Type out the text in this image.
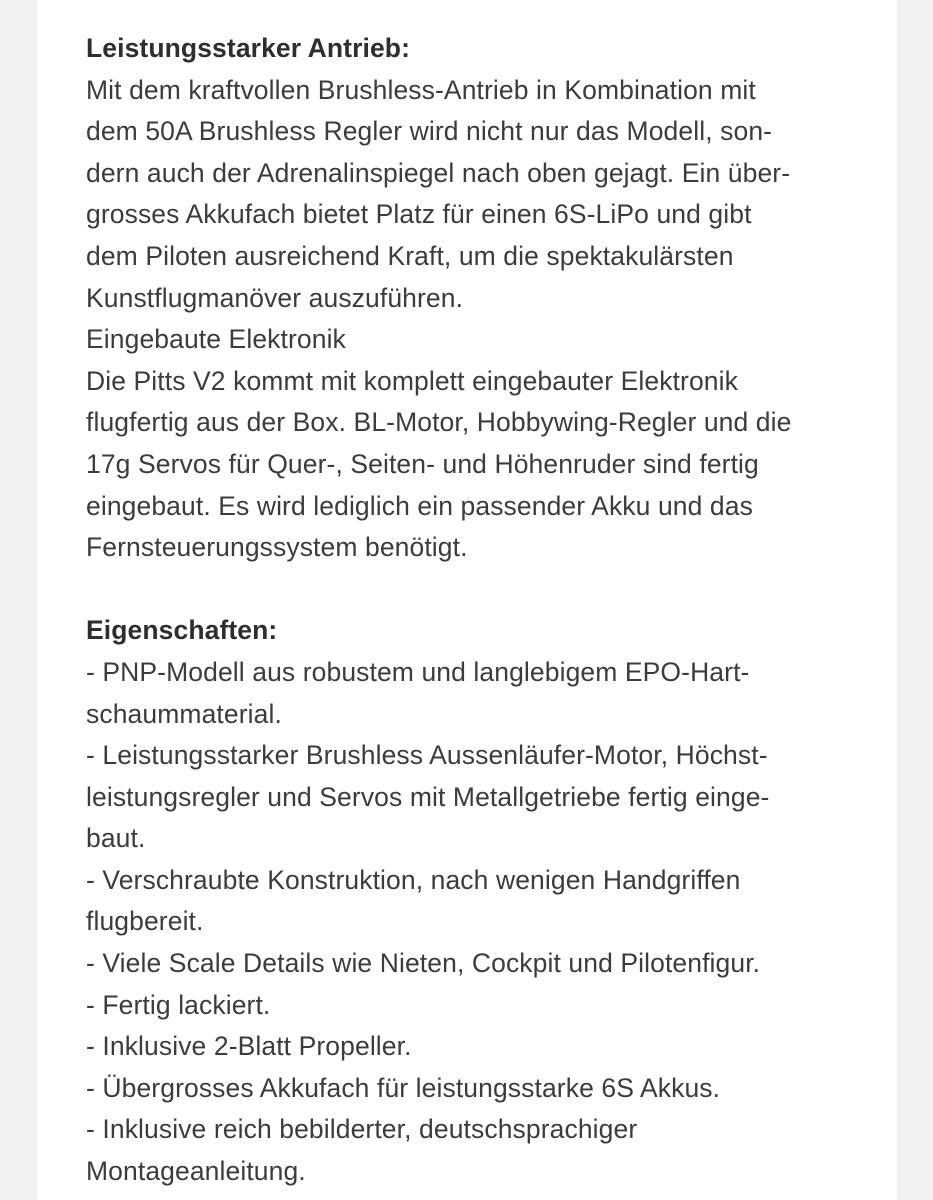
Leistungsstarker Antrieb:
Mit dem kraftvollen Brushless-Antrieb in Kombination mit
dem 50A Brushless Regler wird nicht nur das Modell, son-
dern auch der Adrenalinspiegel nach oben gejagt. Ein über-
grosses Akkufach bietet Platz für einen 6S-LiPo und gibt
dem Piloten ausreichend Kraft, um die spektakulärsten
Kunstflugmanöver auszuführen.
Eingebaute Elektronik
Die Pitts V2 kommt mit komplett eingebauter Elektronik
flugfertig aus der Box. BL-Motor, Hobbywing-Regler und die
17g Servos für Quer-, Seiten- und Höhenruder sind fertig
eingebaut. Es wird lediglich ein passender Akku und das
Fernsteuerungssystem benötigt.
Eigenschaften:
- PNP-Modell aus robustem und langlebigem EPO-Hart-
schaummaterial.
- Leistungsstarker Brushless Aussenläufer-Motor, Höchst-
leistungsregler und Servos mit Metallgetriebe fertig einge-
baut.
- Verschraubte Konstruktion, nach wenigen Handgriffen
flugbereit.
- Viele Scale Details wie Nieten, Cockpit und Pilotenfigur.
- Fertig lackiert.
- Inklusive 2-Blatt Propeller.
- Übergrosses Akkufach für leistungsstarke 6S Akkus.
- Inklusive reich bebilderter, deutschsprachiger
Montageanleitung.
